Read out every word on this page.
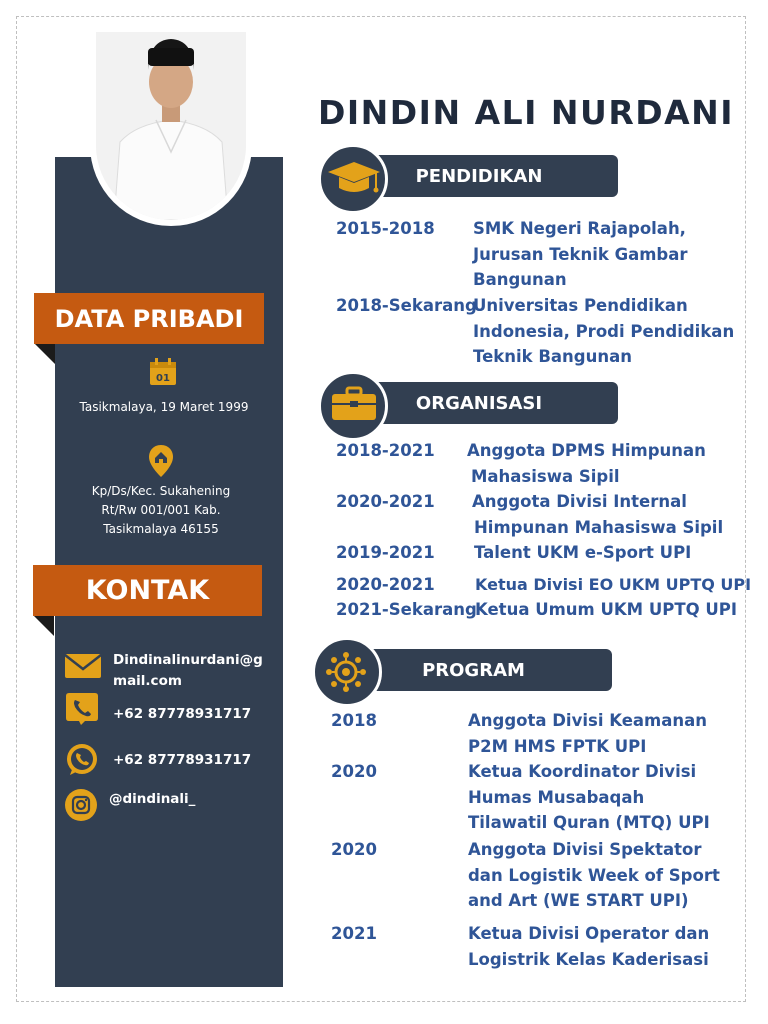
DATA PRIBADI
01
Tasikmalaya, 19 Maret 1999
Kp/Ds/Kec. Sukahening
Rt/Rw 001/001 Kab.
Tasikmalaya 46155
KONTAK
Dindinalinurdani@g
mail.com
+62 87778931717
+62 87778931717
@dindinali_
DINDIN ALI NURDANI
PENDIDIKAN
2015-2018 SMK Negeri Rajapolah,
Jurusan Teknik Gambar
Bangunan
2018-Sekarang
Universitas Pendidikan
Indonesia, Prodi Pendidikan
Teknik Bangunan
ORGANISASI
2018-2021 Anggota DPMS Himpunan
Mahasiswa Sipil
2020-2021 Anggota Divisi Internal
Himpunan Mahasiswa Sipil
2019-2021 Talent UKM e-Sport UPI
2020-2021	Ketua Divisi EO UKM UPTQ UPI
2021-Sekarang
Ketua Umum UKM UPTQ UPI
PROGRAM
2018	Anggota Divisi Keamanan
P2M HMS FPTK UPI
2020	Ketua Koordinator Divisi
Humas Musabaqah
Tilawatil Quran (MTQ) UPI
2020	Anggota Divisi Spektator
dan Logistik Week of Sport
and Art (WE START UPI)
2021	Ketua Divisi Operator dan
Logistrik Kelas Kaderisasi
